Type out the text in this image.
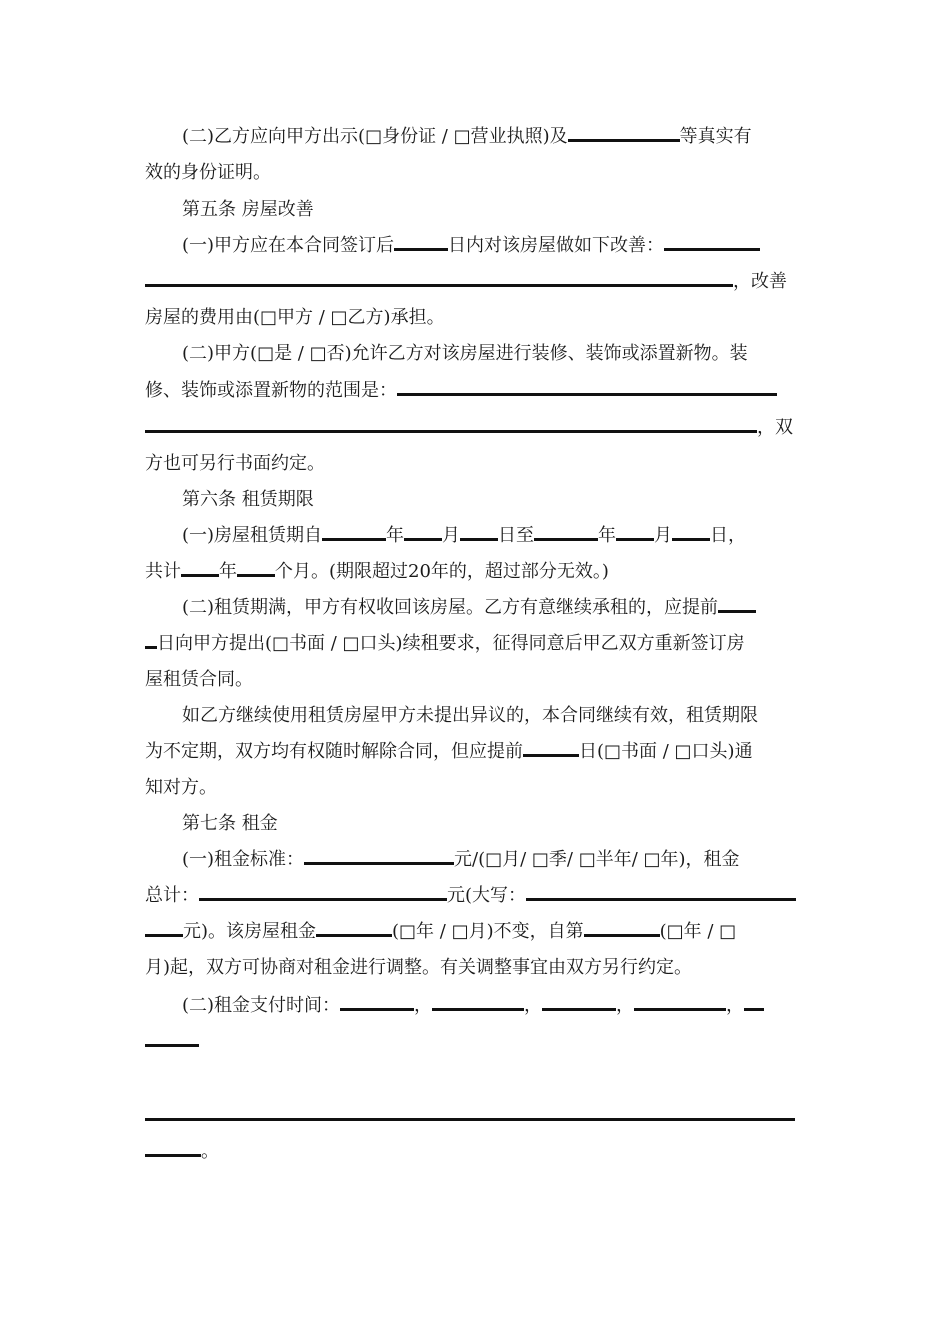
(二)乙方应向甲方出示(□身份证 / □营业执照)及	等真实有
效的身份证明。
第五条 房屋改善
(一)甲方应在本合同签订后	日内对该房屋做如下改善：
，改善
房屋的费用由(□甲方 / □乙方)承担。
(二)甲方(□是 / □否)允许乙方对该房屋进行装修、装饰或添置新物。装
修、装饰或添置新物的范围是：
，双
方也可另行书面约定。
第六条 租赁期限
(一)房屋租赁期自	年 月 日至	年 月 日，
共计 年 个月。(期限超过20年的，超过部分无效。)
(二)租赁期满，甲方有权收回该房屋。乙方有意继续承租的，应提前
日向甲方提出(□书面 / □口头)续租要求，征得同意后甲乙双方重新签订房
屋租赁合同。
如乙方继续使用租赁房屋甲方未提出异议的，本合同继续有效，租赁期限
为不定期，双方均有权随时解除合同，但应提前	日(□书面 / □口头)通
知对方。
第七条 租金
(一)租金标准：	元/(□月/ □季/ □半年/ □年)，租金
总计：	元(大写：
元)。该房屋租金	(□年 / □月)不变，自第	(□年 / □
月)起，双方可协商对租金进行调整。有关调整事宜由双方另行约定。
(二)租金支付时间：	，	，	，	，
。
